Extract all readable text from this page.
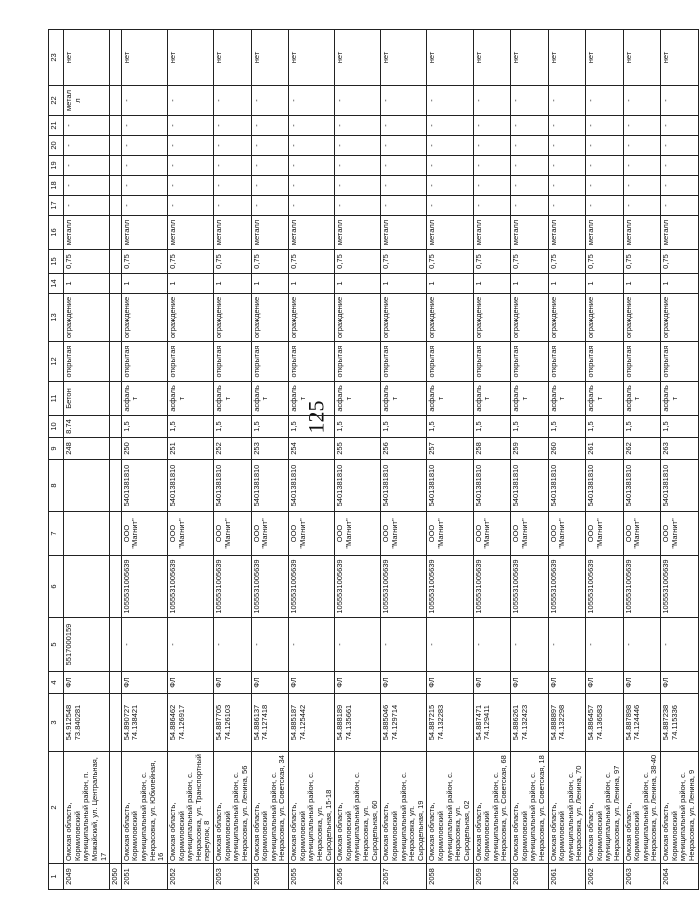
125
1	2	3	4	5	6	7	8	9	10	11	12	13	14	15	16	17	18	19	20	21	22	23
2049	Омская область, Кормиловский муниципальный район, п. Можайский, ул. Центральная, 17	54.912548 73.840281	ФЛ	5517000159				248	8.74	Бетон	открытая	ограждение	1	0,75	металл	-	-	-	-	-	металл	нет
2050																						
2051	Омская область, Кормиловский муниципальный район, с. Некрасовка, ул. Юбилейная, 16	54.890727 74.138421	ФЛ	-	1055531005639	ООО "Магнит"	5401381810	250	1,5	асфальт	открытая	ограждение	1	0,75	металл	-	-	-	-	-	-	нет
2052	Омская область, Кормиловский муниципальный район, с. Некрасовка, ул. Транспортный переулок, 8	54.886462 74.126917	ФЛ	-	1055531005639	ООО "Магнит"	5401381810	251	1,5	асфальт	открытая	ограждение	1	0,75	металл	-	-	-	-	-	-	нет
2053	Омская область, Кормиловский муниципальный район, с. Некрасовка, ул. Ленина, 56	54.887705 74.126103	ФЛ	-	1055531005639	ООО "Магнит"	5401381810	252	1,5	асфальт	открытая	ограждение	1	0,75	металл	-	-	-	-	-	-	нет
2054	Омская область, Кормиловский муниципальный район, с. Некрасовка, ул. Советская, 34	54.886137 74.127418	ФЛ	-	1055531005639	ООО "Магнит"	5401381810	253	1,5	асфальт	открытая	ограждение	1	0,75	металл	-	-	-	-	-	-	нет
2055	Омская область, Кормиловский муниципальный район, с. Некрасовка, ул. Сыродельная, 15-18	54.885187 74.125442	ФЛ	-	1055531005639	ООО "Магнит"	5401381810	254	1,5	асфальт	открытая	ограждение	1	0,75	металл	-	-	-	-	-	-	нет
2056	Омская область, Кормиловский муниципальный район, с. Некрасовка, ул. Сыродельная, 60	54.888189 74.135661	ФЛ	-	1055531005639	ООО "Магнит"	5401381810	255	1,5	асфальт	открытая	ограждение	1	0,75	металл	-	-	-	-	-	-	нет
2057	Омская область, Кормиловский муниципальный район, с. Некрасовка, ул. Сыродельная, 19	54.885046 74.129714	ФЛ	-	1055531005639	ООО "Магнит"	5401381810	256	1,5	асфальт	открытая	ограждение	1	0,75	металл	-	-	-	-	-	-	нет
2058	Омская область, Кормиловский муниципальный район, с. Некрасовка, ул. Сыродельная, 02	54.887215 74.132283	ФЛ	-	1055531005639	ООО "Магнит"	5401381810	257	1,5	асфальт	открытая	ограждение	1	0,75	металл	-	-	-	-	-	-	нет
2059	Омская область, Кормиловский муниципальный район, с. Некрасовка, ул. Советская, 68	54.887471 74.129411	ФЛ	-	1055531005639	ООО "Магнит"	5401381810	258	1,5	асфальт	открытая	ограждение	1	0,75	металл	-	-	-	-	-	-	нет
2060	Омская область, Кормиловский муниципальный район, с. Некрасовка, ул. Советская, 18	54.886261 74.132423	ФЛ	-	1055531005639	ООО "Магнит"	5401381810	259	1,5	асфальт	открытая	ограждение	1	0,75	металл	-	-	-	-	-	-	нет
2061	Омская область, Кормиловский муниципальный район, с. Некрасовка, ул. Ленина, 70	54.888897 74.132298	ФЛ	-	1055531005639	ООО "Магнит"	5401381810	260	1,5	асфальт	открытая	ограждение	1	0,75	металл	-	-	-	-	-	-	нет
2062	Омская область, Кормиловский муниципальный район, с. Некрасовка, ул. Ленина, 97	54.886457 74.136583	ФЛ	-	1055531005639	ООО "Магнит"	5401381810	261	1,5	асфальт	открытая	ограждение	1	0,75	металл	-	-	-	-	-	-	нет
2063	Омская область, Кормиловский муниципальный район, с. Некрасовка, ул. Ленина, 38-40	54.887898 74.124446	ФЛ	-	1055531005639	ООО "Магнит"	5401381810	262	1,5	асфальт	открытая	ограждение	1	0,75	металл	-	-	-	-	-	-	нет
2064	Омская область, Кормиловский муниципальный район, с. Некрасовка, ул. Ленина, 9	54.887238 74.115336	ФЛ	-	1055531005639	ООО "Магнит"	5401381810	263	1,5	асфальт	открытая	ограждение	1	0,75	металл	-	-	-	-	-	-	нет
